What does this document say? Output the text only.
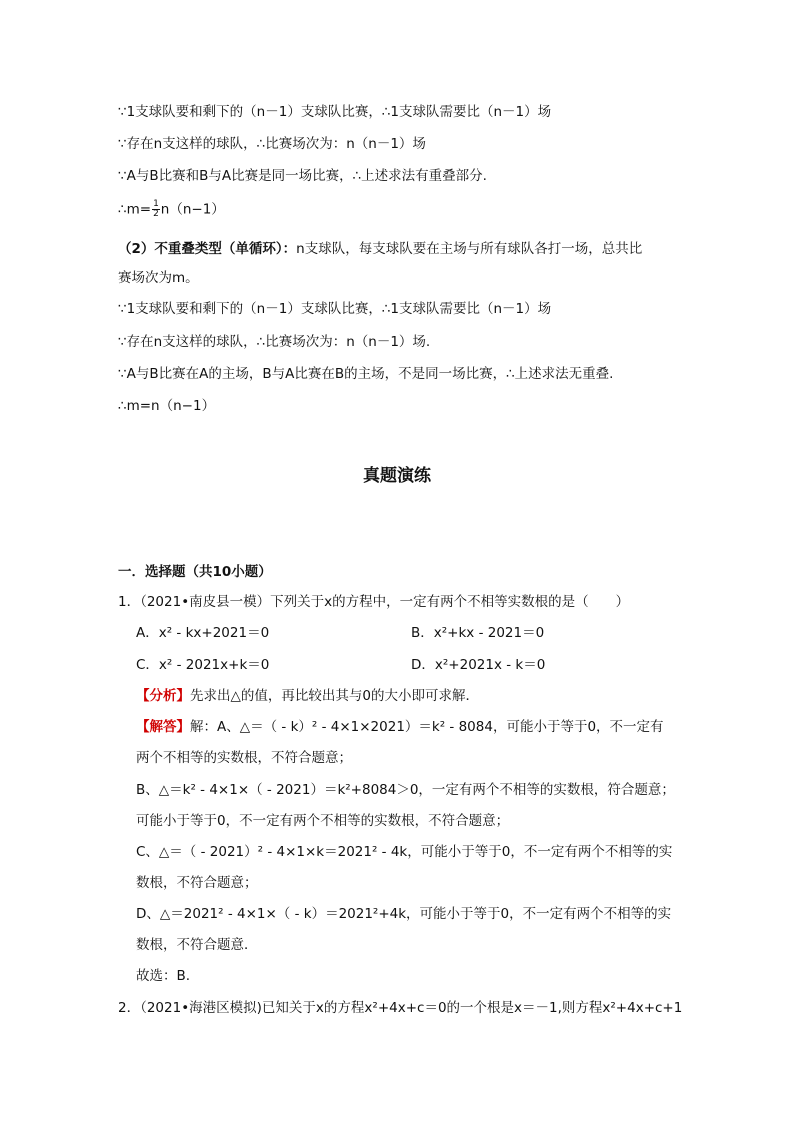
∵1支球队要和剩下的（n－1）支球队比赛，∴1支球队需要比（n－1）场
∵存在n支这样的球队，∴比赛场次为：n（n－1）场
∵A与B比赛和B与A比赛是同一场比赛，∴上述求法有重叠部分.
∴m= $\frac{1}{2} n(n-1)$
（2）不重叠类型（单循环）：n支球队，每支球队要在主场与所有球队各打一场，总共比
赛场次为m。
∵1支球队要和剩下的（n－1）支球队比赛，∴1支球队需要比（n－1）场
∵存在n支这样的球队，∴比赛场次为：n（n－1）场.
∵A与B比赛在A的主场，B与A比赛在B的主场，不是同一场比赛，∴上述求法无重叠.
∴m=n（n−1）
真题演练
一．选择题（共10小题）
1．（2021•南皮县一模）下列关于x的方程中，一定有两个不相等实数根的是（　　）
A．x² - kx+2021＝0	B．x²+kx - 2021＝0
C．x² - 2021x+k＝0	D．x²+2021x - k＝0
【分析】先求出△的值，再比较出其与0的大小即可求解．
【解答】解：A、△＝（ - k）² - 4×1×2021）＝k² - 8084，可能小于等于0，不一定有
两个不相等的实数根，不符合题意；
B、△＝k² - 4×1×（ - 2021）＝k²+8084＞0，一定有两个不相等的实数根，符合题意；
可能小于等于0，不一定有两个不相等的实数根，不符合题意；
C、△＝（ - 2021）² - 4×1×k＝2021² - 4k，可能小于等于0，不一定有两个不相等的实
数根，不符合题意；
D、△＝2021² - 4×1×（ - k）＝2021²+4k，可能小于等于0，不一定有两个不相等的实
数根，不符合题意．
故选：B.
2．（2021•海港区模拟)已知关于x的方程x²+4x+c＝0的一个根是x＝－1,则方程x²+4x+c+1
